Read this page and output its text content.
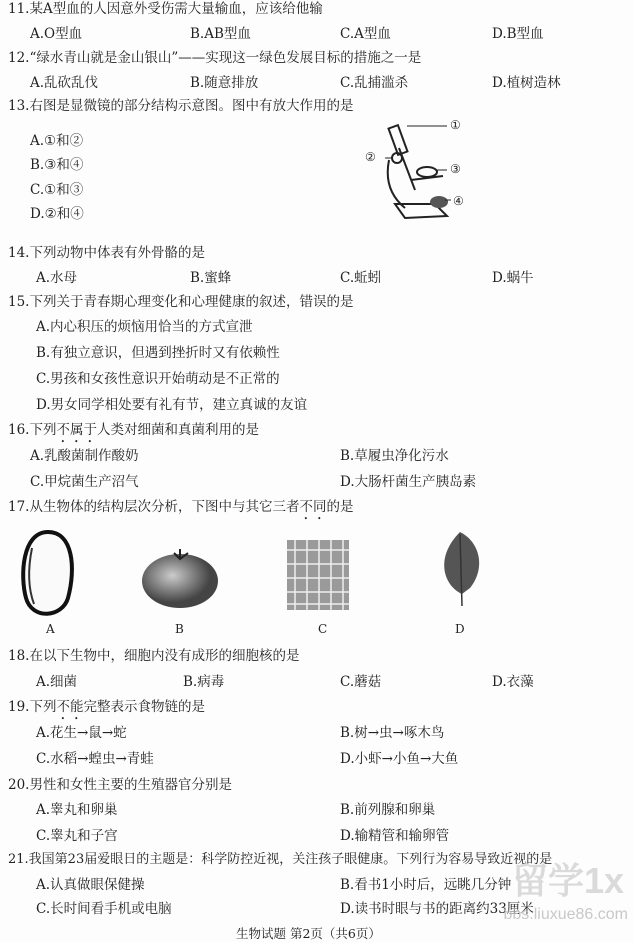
11.某A型血的人因意外受伤需大量输血，应该给他输
A.O型血	B.AB型血	C.A型血	D.B型血
12.“绿水青山就是金山银山”——实现这一绿色发展目标的措施之一是
A.乱砍乱伐	B.随意排放	C.乱捕滥杀	D.植树造林
13.右图是显微镜的部分结构示意图。图中有放大作用的是
A.①和②
B.③和④
C.①和③
D.②和④
①
②
③
④
14.下列动物中体表有外骨骼的是
A.水母	B.蜜蜂	C.蚯蚓	D.蜗牛
15.下列关于青春期心理变化和心理健康的叙述，错误的是
A.内心积压的烦恼用恰当的方式宣泄
B.有独立意识，但遇到挫折时又有依赖性
C.男孩和女孩性意识开始萌动是不正常的
D.男女同学相处要有礼有节，建立真诚的友谊
16.下列不属于人类对细菌和真菌利用的是
A.乳酸菌制作酸奶	B.草履虫净化污水
C.甲烷菌生产沼气	D.大肠杆菌生产胰岛素
17.从生物体的结构层次分析，下图中与其它三者不同的是
A	B	C	D
18.在以下生物中，细胞内没有成形的细胞核的是
A.细菌	B.病毒	C.蘑菇	D.衣藻
19.下列不能完整表示食物链的是
A.花生→鼠→蛇	B.树→虫→啄木鸟
C.水稻→蝗虫→青蛙	D.小虾→小鱼→大鱼
20.男性和女性主要的生殖器官分别是
A.睾丸和卵巢	B.前列腺和卵巢
C.睾丸和子宫	D.输精管和输卵管
21.我国第23届爱眼日的主题是：科学防控近视，关注孩子眼健康。下列行为容易导致近视的是
A.认真做眼保健操	B.看书1小时后，远眺几分钟
C.长时间看手机或电脑	D.读书时眼与书的距离约33厘米
生物试题 第2页（共6页）
留学1x
bbs.liuxue86.com
